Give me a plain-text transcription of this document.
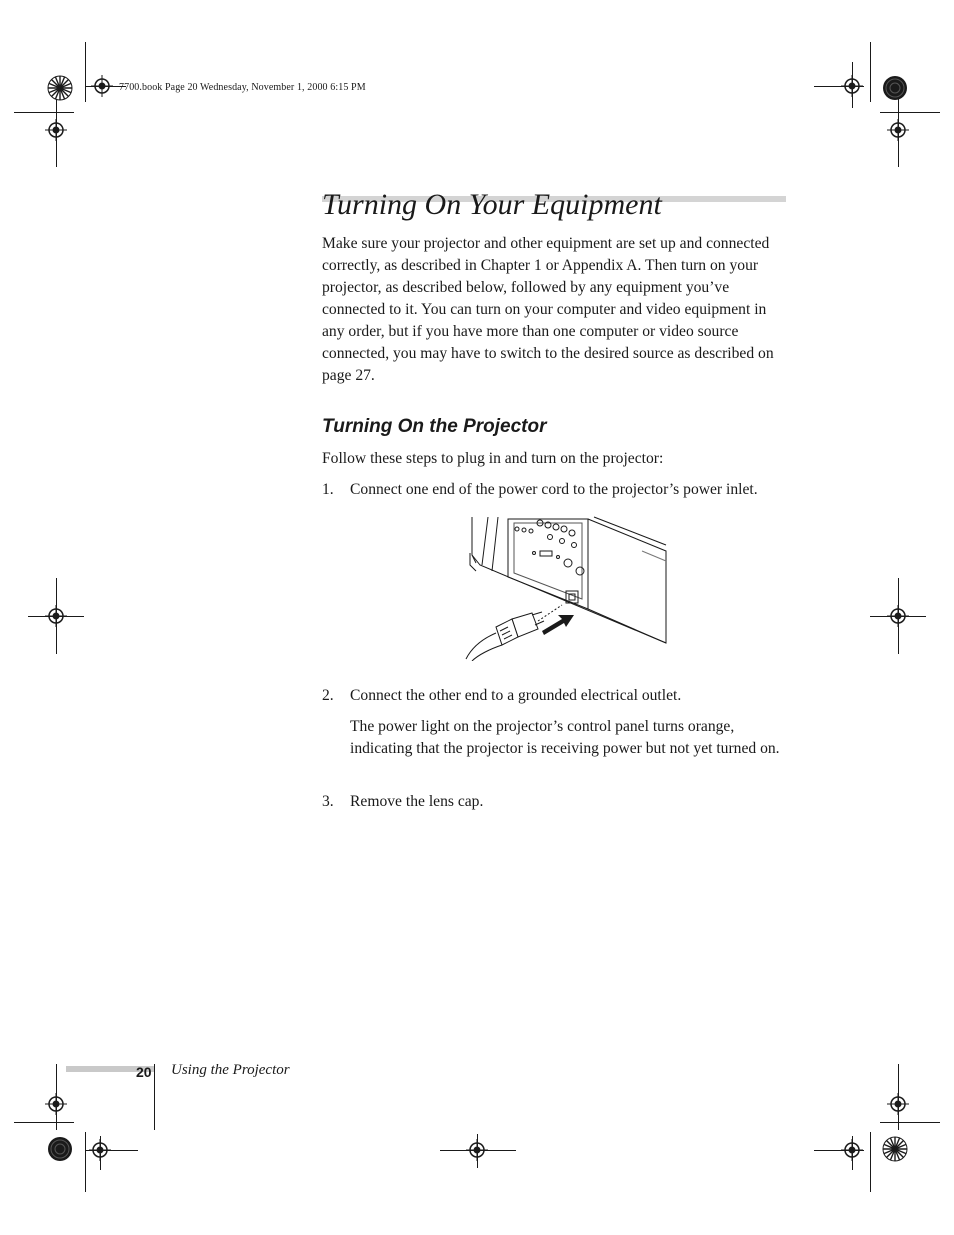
7700.book Page 20 Wednesday, November 1, 2000 6:15 PM
Turning On Your Equipment

Make sure your projector and other equipment are set up and connected correctly, as described in Chapter 1 or Appendix A. Then turn on your projector, as described below, followed by any equipment you’ve connected to it. You can turn on your computer and video equipment in any order, but if you have more than one computer or video source connected, you may have to switch to the desired source as described on page 27.

Turning On the Projector

Follow these steps to plug in and turn on the projector:

1. Connect one end of the power cord to the projector’s power inlet.

2. Connect the other end to a grounded electrical outlet.

The power light on the projector’s control panel turns orange, indicating that the projector is receiving power but not yet turned on.

3. Remove the lens cap.

20 Using the Projector
